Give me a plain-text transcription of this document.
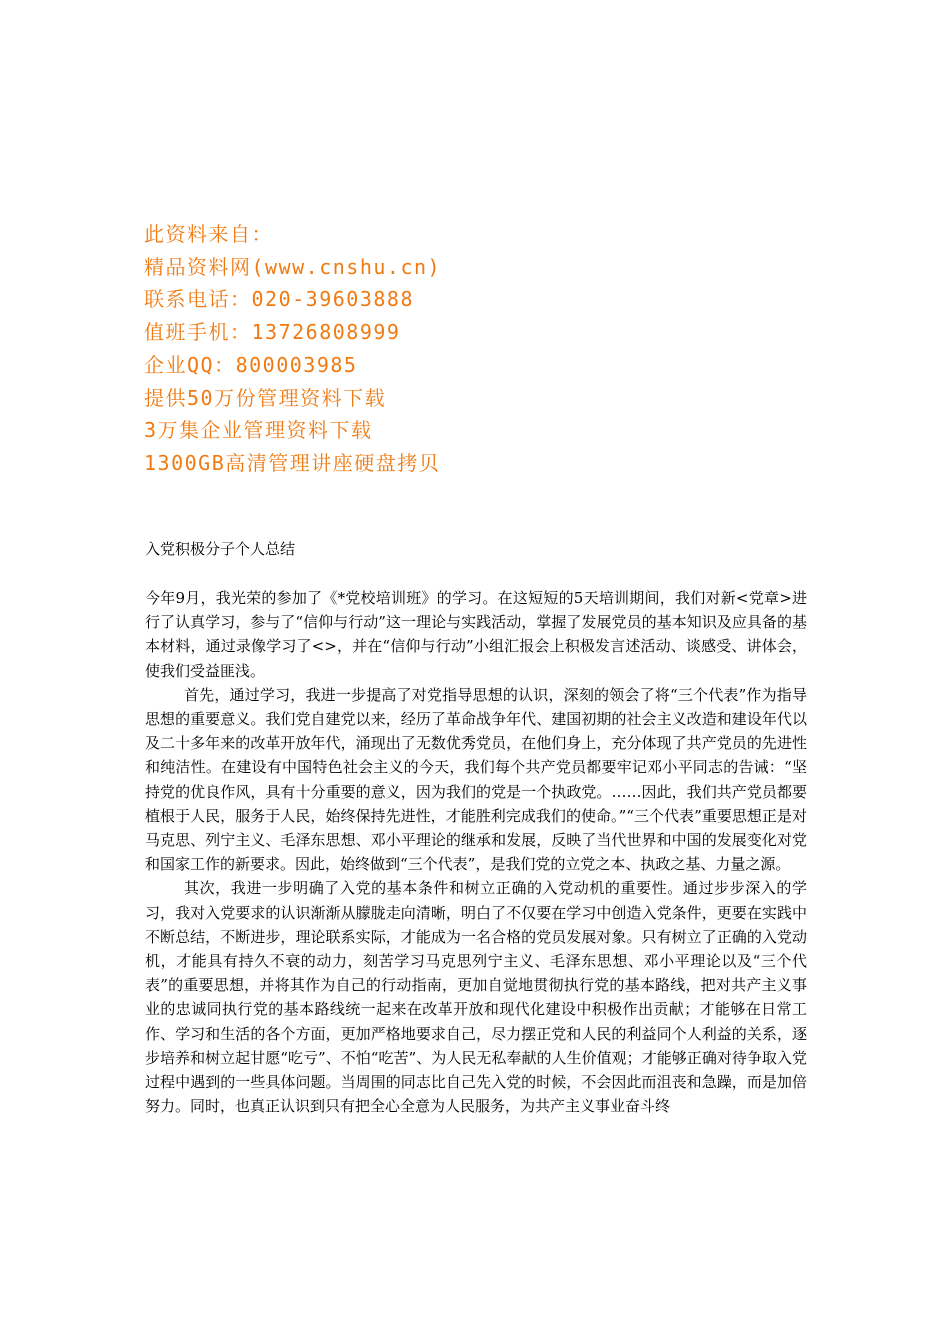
此资料来自：

精品资料网(www.cnshu.cn)

联系电话：020-39603888

值班手机：13726808999

企业QQ：800003985

提供50万份管理资料下载

3万集企业管理资料下载

1300GB高清管理讲座硬盘拷贝

入党积极分子个人总结

今年9月，我光荣的参加了《*党校培训班》的学习。在这短短的5天培训期间，我们对新<党章>进行了认真学习，参与了“信仰与行动”这一理论与实践活动，掌握了发展党员的基本知识及应具备的基本材料，通过录像学习了<>，并在“信仰与行动”小组汇报会上积极发言述活动、谈感受、讲体会，使我们受益匪浅。

首先，通过学习，我进一步提高了对党指导思想的认识，深刻的领会了将“三个代表”作为指导思想的重要意义。我们党自建党以来，经历了革命战争年代、建国初期的社会主义改造和建设年代以及二十多年来的改革开放年代，涌现出了无数优秀党员，在他们身上，充分体现了共产党员的先进性和纯洁性。在建设有中国特色社会主义的今天，我们每个共产党员都要牢记邓小平同志的告诫：“坚持党的优良作风，具有十分重要的意义，因为我们的党是一个执政党。……因此，我们共产党员都要植根于人民，服务于人民，始终保持先进性，才能胜利完成我们的使命。”“三个代表”重要思想正是对马克思、列宁主义、毛泽东思想、邓小平理论的继承和发展，反映了当代世界和中国的发展变化对党和国家工作的新要求。因此，始终做到“三个代表”，是我们党的立党之本、执政之基、力量之源。

其次，我进一步明确了入党的基本条件和树立正确的入党动机的重要性。通过步步深入的学习，我对入党要求的认识渐渐从朦胧走向清晰，明白了不仅要在学习中创造入党条件，更要在实践中不断总结，不断进步，理论联系实际，才能成为一名合格的党员发展对象。只有树立了正确的入党动机，才能具有持久不衰的动力，刻苦学习马克思列宁主义、毛泽东思想、邓小平理论以及“三个代表”的重要思想，并将其作为自己的行动指南，更加自觉地贯彻执行党的基本路线，把对共产主义事业的忠诚同执行党的基本路线统一起来在改革开放和现代化建设中积极作出贡献；才能够在日常工作、学习和生活的各个方面，更加严格地要求自己，尽力摆正党和人民的利益同个人利益的关系，逐步培养和树立起甘愿“吃亏”、不怕“吃苦”、为人民无私奉献的人生价值观；才能够正确对待争取入党过程中遇到的一些具体问题。当周围的同志比自己先入党的时候，不会因此而沮丧和急躁，而是加倍努力。同时，也真正认识到只有把全心全意为人民服务，为共产主义事业奋斗终
